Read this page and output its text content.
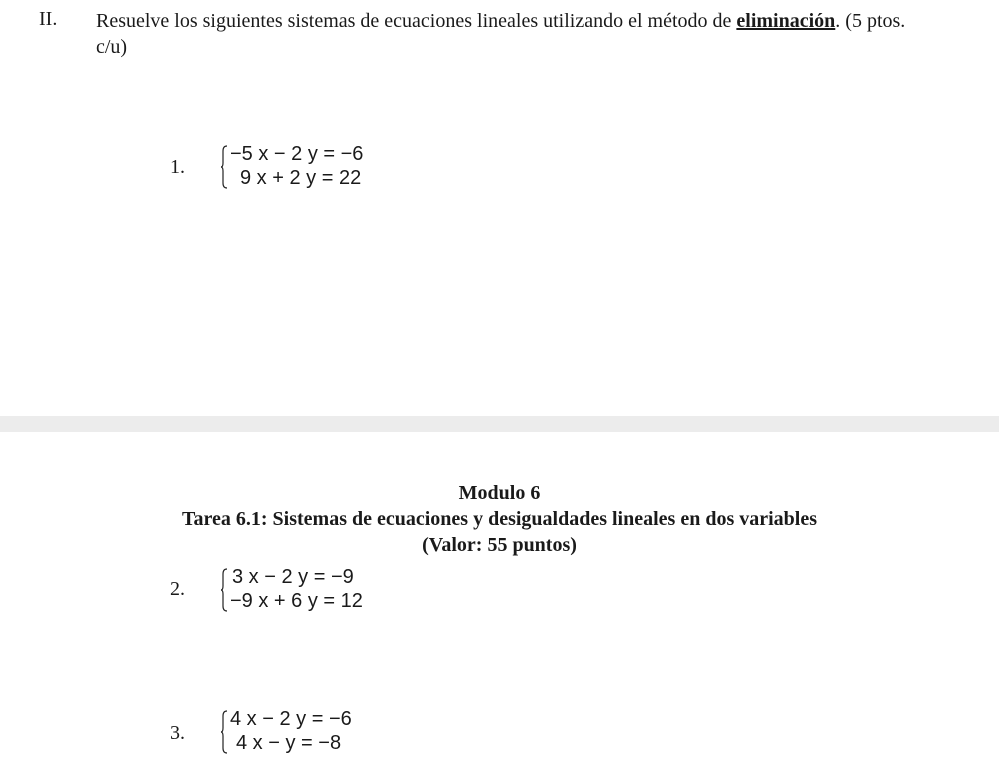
II. Resuelve los siguientes sistemas de ecuaciones lineales utilizando el método de eliminación. (5 ptos. c/u)
1.
−5 x − 2 y = −6
9 x + 2 y = 22
Modulo 6
Tarea 6.1: Sistemas de ecuaciones y desigualdades lineales en dos variables
(Valor: 55 puntos)
2.
3 x − 2 y = −9
−9 x + 6 y = 12
3.
4 x − 2 y = −6
4 x − y = −8
